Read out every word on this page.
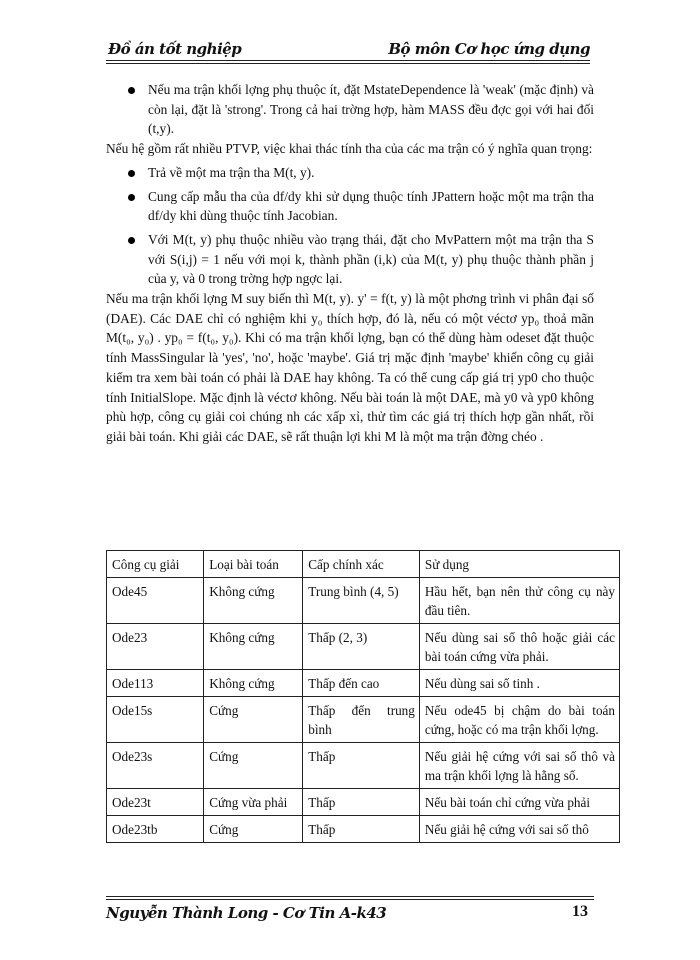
Đồ án tốt nghiệp	Bộ môn Cơ học ứng dụng

Nếu ma trận khối lợng phụ thuộc ít, đặt MstateDependence là 'weak' (mặc định) và còn lại, đặt là 'strong'. Trong cả hai trờng hợp, hàm MASS đều đợc gọi với hai đối (t,y).

Nếu hệ gồm rất nhiều PTVP, việc khai thác tính tha của các ma trận có ý nghĩa quan trọng:

Trả về một ma trận tha M(t, y).

Cung cấp mẫu tha của df/dy khi sử dụng thuộc tính JPattern hoặc một ma trận tha df/dy khi dùng thuộc tính Jacobian.

Với M(t, y) phụ thuộc nhiều vào trạng thái, đặt cho MvPattern một ma trận tha S với S(i,j) = 1 nếu với mọi k, thành phần (i,k) của M(t, y) phụ thuộc thành phần j của y, và 0 trong trờng hợp ngợc lại.

Nếu ma trận khối lợng M suy biến thì M(t, y). y' = f(t, y) là một phơng trình vi phân đại số (DAE). Các DAE chỉ có nghiệm khi y₀ thích hợp, đó là, nếu có một véctơ yp₀ thoả mãn M(t₀, y₀) . yp₀ = f(t₀, y₀). Khi có ma trận khối lợng, bạn có thể dùng hàm odeset đặt thuộc tính MassSingular là 'yes', 'no', hoặc 'maybe'. Giá trị mặc định 'maybe' khiến công cụ giải kiểm tra xem bài toán có phải là DAE hay không. Ta có thể cung cấp giá trị yp0 cho thuộc tính InitialSlope. Mặc định là véctơ không. Nếu bài toán là một DAE, mà y0 và yp0 không phù hợp, công cụ giải coi chúng nh các xấp xỉ, thử tìm các giá trị thích hợp gần nhất, rồi giải bài toán. Khi giải các DAE, sẽ rất thuận lợi khi M là một ma trận đờng chéo .

Công cụ giải	Loại bài toán	Cấp chính xác	Sử dụng
Ode45	Không cứng	Trung bình (4, 5)	Hầu hết, bạn nên thử công cụ này đầu tiên.
Ode23	Không cứng	Thấp (2, 3)	Nếu dùng sai số thô hoặc giải các bài toán cứng vừa phải.
Ode113	Không cứng	Thấp đến cao	Nếu dùng sai số tinh .
Ode15s	Cứng	Thấp đến trung bình	Nếu ode45 bị chậm do bài toán cứng, hoặc có ma trận khối lợng.
Ode23s	Cứng	Thấp	Nếu giải hệ cứng với sai số thô và ma trận khối lợng là hằng số.
Ode23t	Cứng vừa phải	Thấp	Nếu bài toán chỉ cứng vừa phải
Ode23tb	Cứng	Thấp	Nếu giải hệ cứng với sai số thô
Nguyễn Thành Long - Cơ Tin A-k43	13
